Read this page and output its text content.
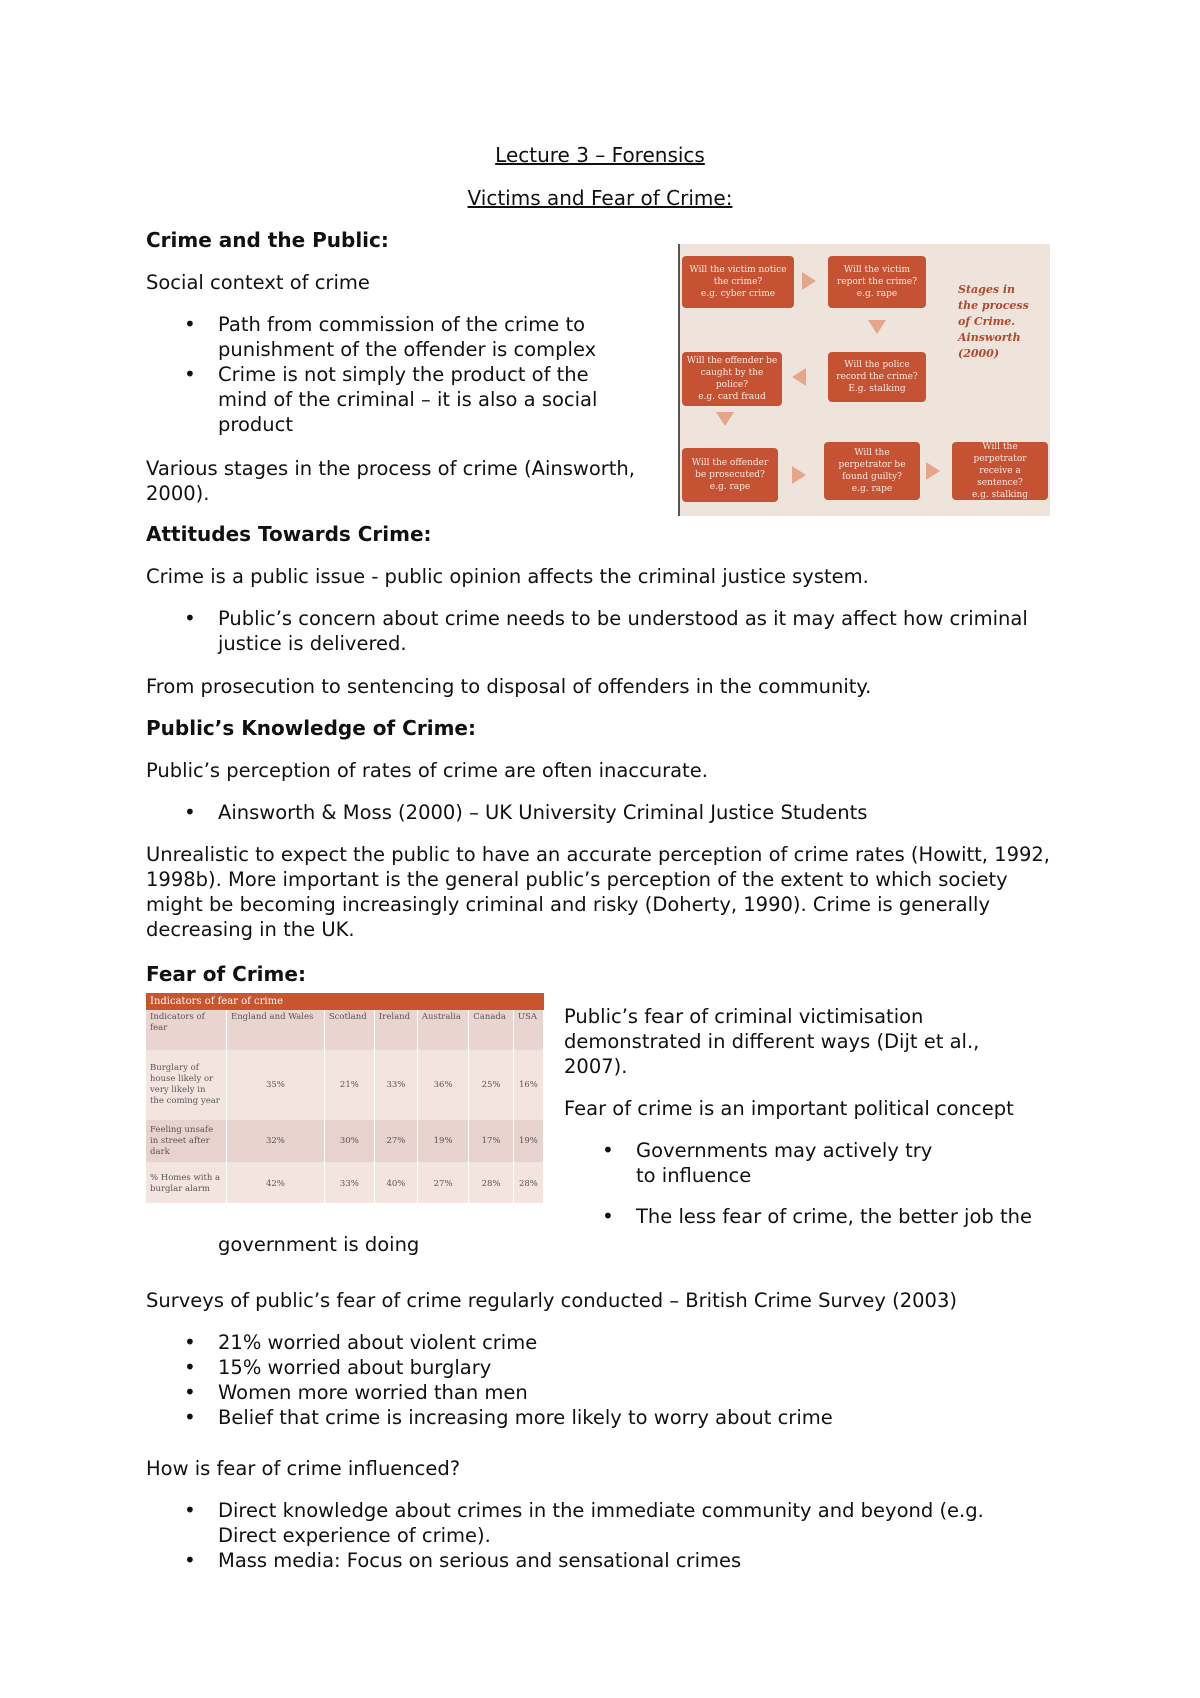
Lecture 3 – Forensics
Victims and Fear of Crime:
Crime and the Public:

Social context of crime

• Path from commission of the crime to punishment of the offender is complex
• Crime is not simply the product of the mind of the criminal – it is also a social product

Various stages in the process of crime (Ainsworth, 2000).

Will the victim notice the crime?
e.g. cyber crime
Will the victim report the crime?
e.g. rape
Will the police record the crime?
E.g. stalking
Will the offender be caught by the police?
e.g. card fraud
Will the offender be prosecuted?
e.g. rape
Will the perpetrator be found guilty?
e.g. rape
Will the perpetrator receive a sentence?
e.g. stalking
Stages in the process of Crime. Ainsworth (2000)
Attitudes Towards Crime:

Crime is a public issue - public opinion affects the criminal justice system.

• Public’s concern about crime needs to be understood as it may affect how criminal justice is delivered.

From prosecution to sentencing to disposal of offenders in the community.

Public’s Knowledge of Crime:

Public’s perception of rates of crime are often inaccurate.

• Ainsworth & Moss (2000) – UK University Criminal Justice Students

Unrealistic to expect the public to have an accurate perception of crime rates (Howitt, 1992, 1998b). More important is the general public’s perception of the extent to which society might be becoming increasingly criminal and risky (Doherty, 1990). Crime is generally decreasing in the UK.

Fear of Crime:
Indicators of fear of crime
Indicators of fear	England and Wales	Scotland	Ireland	Australia	Canada	USA
Burglary of house likely or very likely in the coming year	35%	21%	33%	36%	25%	16%
Feeling unsafe in street after dark	32%	30%	27%	19%	17%	19%
% Homes with a burglar alarm	42%	33%	40%	27%	28%	28%

Public’s fear of criminal victimisation demonstrated in different ways (Dijt et al., 2007).

Fear of crime is an important political concept

• Governments may actively try to influence
• The less fear of crime, the better job the

government is doing

Surveys of public’s fear of crime regularly conducted – British Crime Survey (2003)

• 21% worried about violent crime
• 15% worried about burglary
• Women more worried than men
• Belief that crime is increasing more likely to worry about crime

How is fear of crime influenced?

• Direct knowledge about crimes in the immediate community and beyond (e.g. Direct experience of crime).
• Mass media: Focus on serious and sensational crimes
